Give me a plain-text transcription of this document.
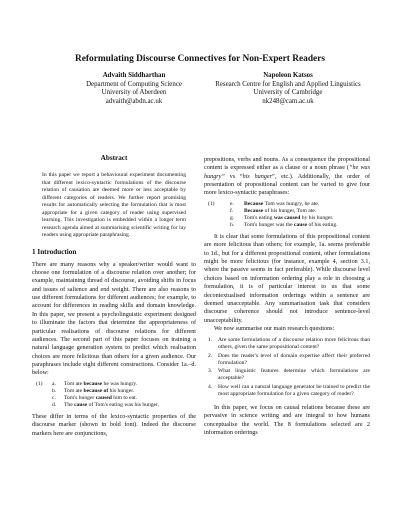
Reformulating Discourse Connectives for Non-Expert Readers
Advaith Siddharthan
Department of Computing Science
University of Aberdeen
advaith@abdn.ac.uk
Napoleon Katsos
Research Centre for English and Applied Linguistics
University of Cambridge
nk248@cam.ac.uk
Abstract

In this paper we report a behavioural experiment documenting that different lexico-syntactic formulations of the discourse relation of causation are deemed more or less acceptable by different categories of readers. We further report promising results for automatically selecting the formulation that is most appropriate for a given category of reader using supervised learning. This investigation is embedded within a longer term research agenda aimed at summarising scientific writing for lay readers using appropriate paraphrasing.

1 Introduction

There are many reasons why a speaker/writer would want to choose one formulation of a discourse relation over another; for example, maintaining thread of discourse, avoiding shifts in focus and issues of salience and end weight. There are also reasons to use different formulations for different audiences; for example, to account for differences in reading skills and domain knowledge. In this paper, we present a psycholinguistic experiment designed to illuminate the factors that determine the appropriateness of particular realisations of discourse relations for different audiences. The second part of this paper focuses on training a natural language generation system to predict which realisation choices are more felicitous than others for a given audience. Our paraphrases include eight different constructions. Consider 1a.–d. below:

(1) a. Tom ate because he was hungry.
b. Tom ate because of his hunger.
c. Tom's hunger caused him to eat.
d. The cause of Tom's eating was his hunger.

These differ in terms of the lexico-syntactic properties of the discourse marker (shown in bold font). Indeed the discourse markers here are conjunctions,

prepositions, verbs and nouns. As a consequence the propositional content is expressed either as a clause or a noun phrase (“he was hungry” vs “his hunger”, etc.). Additionally, the order of presentation of propositional content can be varied to give four more lexico-syntactic paraphrases:

(1)	e. Because Tom was hungry, he ate.
f. Because of his hunger, Tom ate.
g. Tom's eating was caused by his hunger.
h. Tom's hunger was the cause of his eating.

It is clear that some formulations of this propositional content are more felicitous than others; for example, 1a. seems preferable to 1d., but for a different propositional content, other formulations might be more felicitous (for instance, example 4, section 3.1, where the passive seems in fact preferable). While discourse level choices based on information ordering play a role in choosing a formulation, it is of particular interest to us that some decontextualised information orderings within a sentence are deemed unacceptable. Any summarisation task that considers discourse coherence should not introduce sentence-level unacceptability.

We now summarise our main research questions:

1. Are some formulations of a discourse relation more felicitous than others, given the same propositional content?
2. Does the reader's level of domain expertise affect their preferred formulation?
3. What linguistic features determine which formulations are acceptable?
4. How well can a natural language generator be trained to predict the most appropriate formulation for a given category of reader?

In this paper, we focus on causal relations because these are pervasive in science writing and are integral to how humans conceptualise the world. The 8 formulations selected are 2 information orderings
